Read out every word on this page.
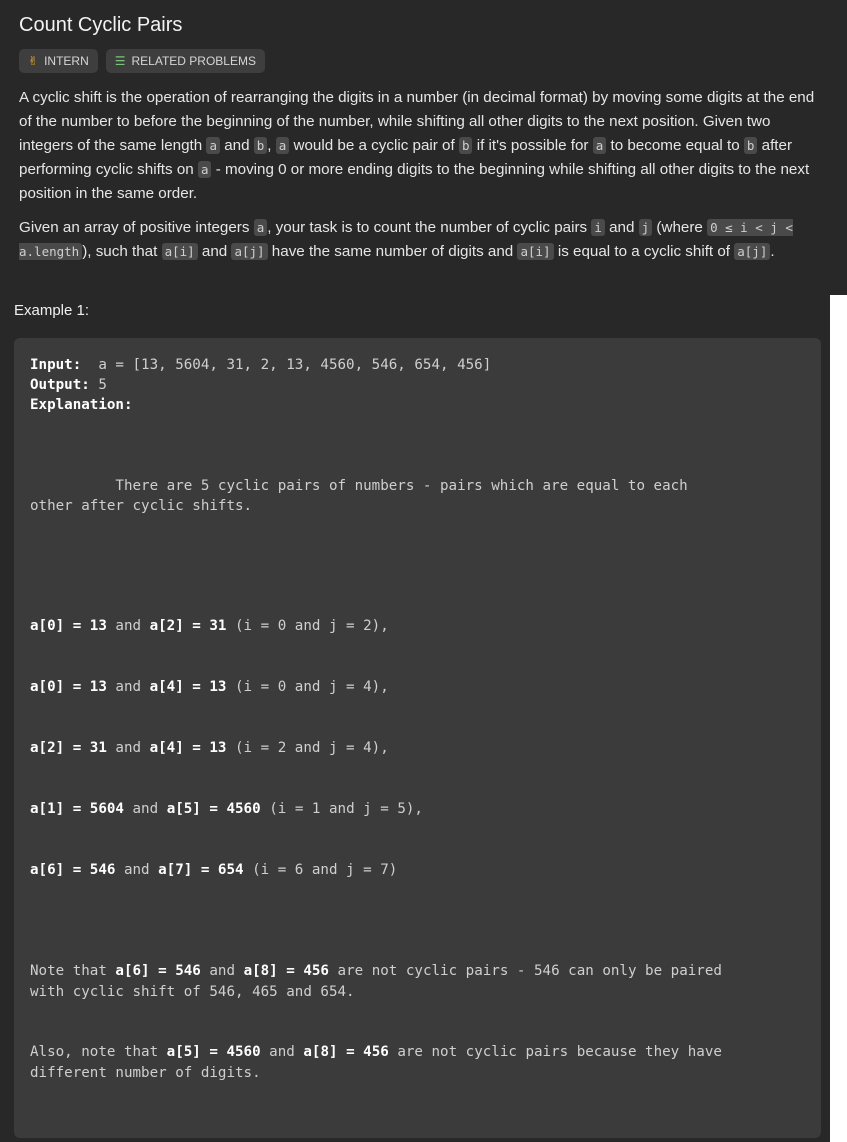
Count Cyclic Pairs
✌ INTERN ☰ RELATED PROBLEMS

A cyclic shift is the operation of rearranging the digits in a number (in decimal format) by moving some digits at the end of the number to before the beginning of the number, while shifting all other digits to the next position. Given two integers of the same length a and b , a would be a cyclic pair of b if it's possible for a to become equal to b after performing cyclic shifts on a - moving 0 or more ending digits to the beginning while shifting all other digits to the next position in the same order.

Given an array of positive integers a , your task is to count the number of cyclic pairs i and j (where 0 ≤ i < j < a.length ), such that a[i] and a[j] have the same number of digits and a[i] is equal to a cyclic shift of a[j] .

Example 1:
Input:  a = [13, 5604, 31, 2, 13, 4560, 546, 654, 456]
Output: 5
Explanation:
There are 5 cyclic pairs of numbers - pairs which are equal to each
other after cyclic shifts.
a[0] = 13 and a[2] = 31 (i = 0 and j = 2),
a[0] = 13 and a[4] = 13 (i = 0 and j = 4),
a[2] = 31 and a[4] = 13 (i = 2 and j = 4),
a[1] = 5604 and a[5] = 4560 (i = 1 and j = 5),
a[6] = 546 and a[7] = 654 (i = 6 and j = 7)
Note that a[6] = 546 and a[8] = 456 are not cyclic pairs - 546 can only be paired
with cyclic shift of 546, 465 and 654.
Also, note that a[5] = 4560 and a[8] = 456 are not cyclic pairs because they have
different number of digits.
